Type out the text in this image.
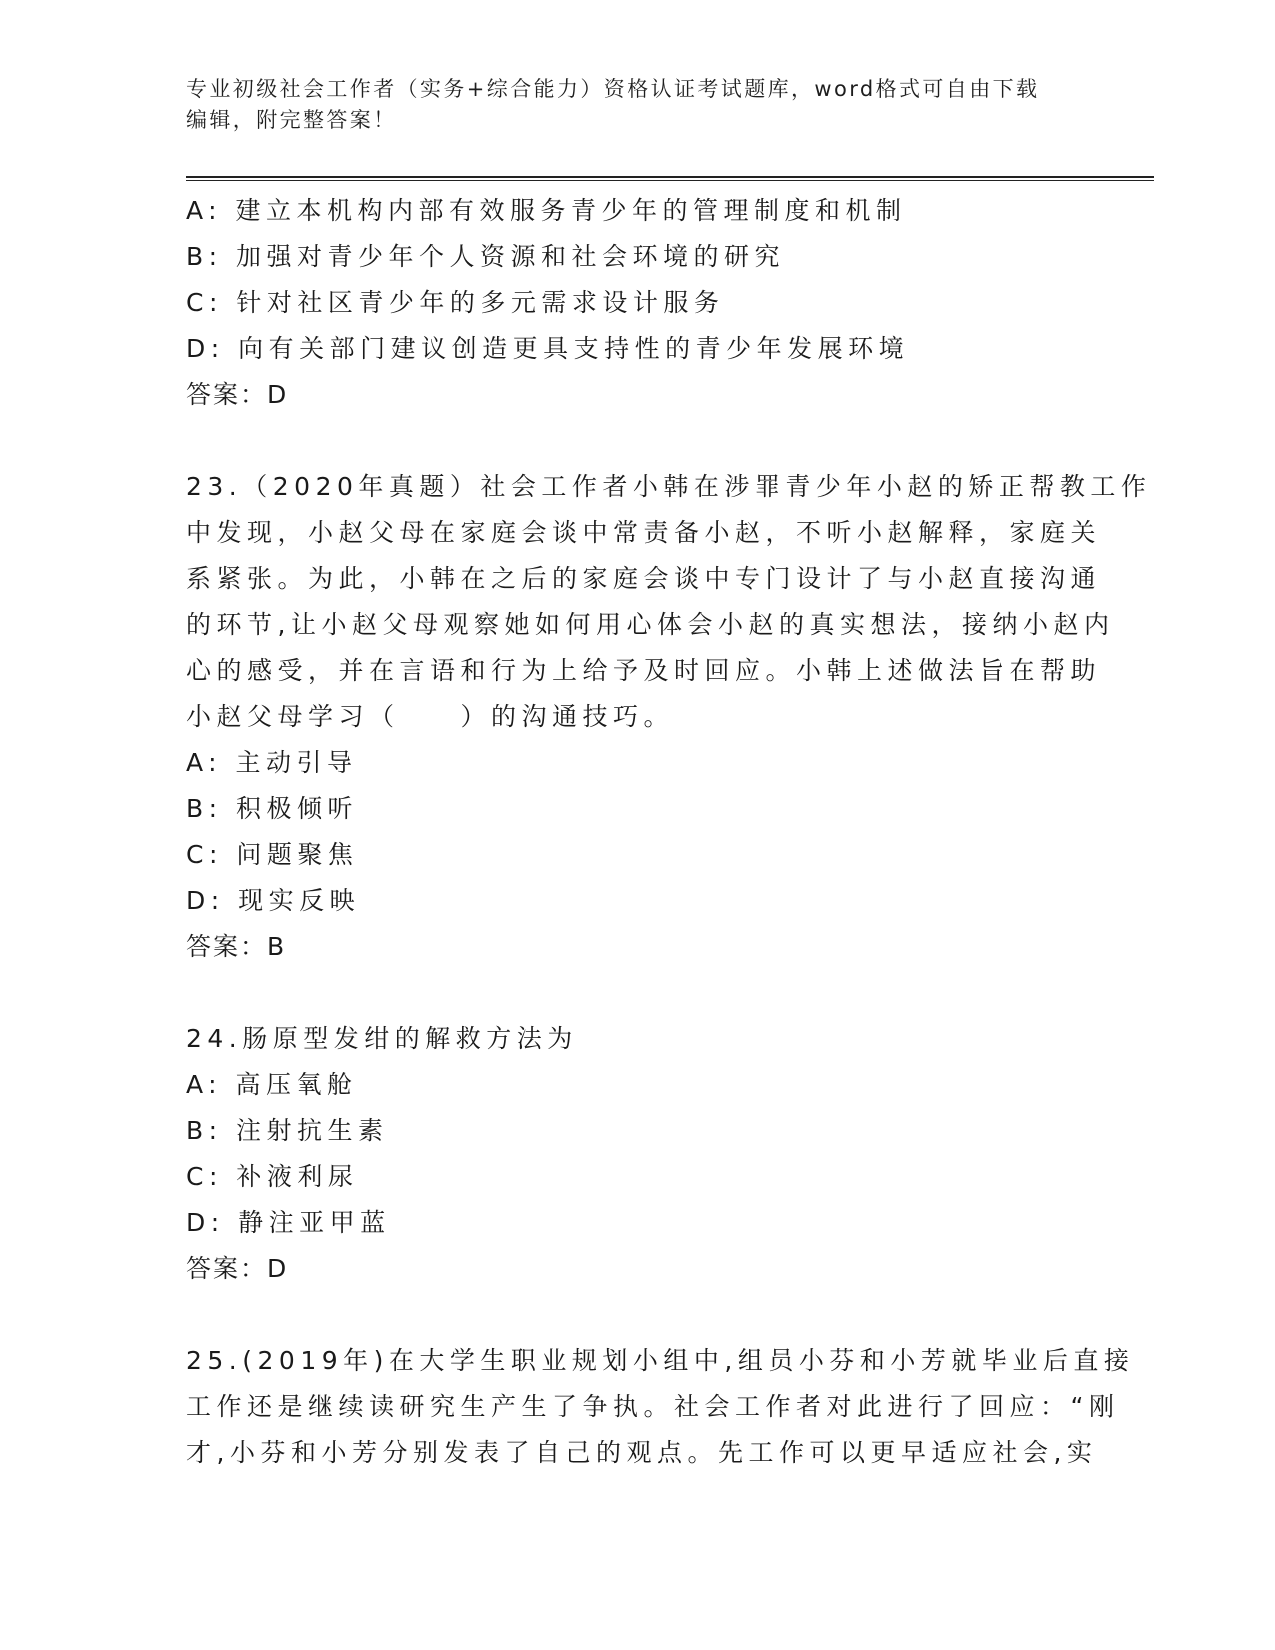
专业初级社会工作者（实务+综合能力）资格认证考试题库，word格式可自由下载
编辑，附完整答案！
A: 建立本机构内部有效服务青少年的管理制度和机制
B: 加强对青少年个人资源和社会环境的研究
C: 针对社区青少年的多元需求设计服务
D: 向有关部门建议创造更具支持性的青少年发展环境
答案：D
23.（2020年真题）社会工作者小韩在涉罪青少年小赵的矫正帮教工作
中发现，小赵父母在家庭会谈中常责备小赵，不听小赵解释，家庭关
系紧张。为此，小韩在之后的家庭会谈中专门设计了与小赵直接沟通
的环节,让小赵父母观察她如何用心体会小赵的真实想法，接纳小赵内
心的感受，并在言语和行为上给予及时回应。小韩上述做法旨在帮助
小赵父母学习（　　）的沟通技巧。
A: 主动引导
B: 积极倾听
C: 问题聚焦
D: 现实反映
答案：B
24.肠原型发绀的解救方法为
A: 高压氧舱
B: 注射抗生素
C: 补液利尿
D: 静注亚甲蓝
答案：D
25.(2019年)在大学生职业规划小组中,组员小芬和小芳就毕业后直接
工作还是继续读研究生产生了争执。社会工作者对此进行了回应：“刚
才,小芬和小芳分别发表了自己的观点。先工作可以更早适应社会,实
